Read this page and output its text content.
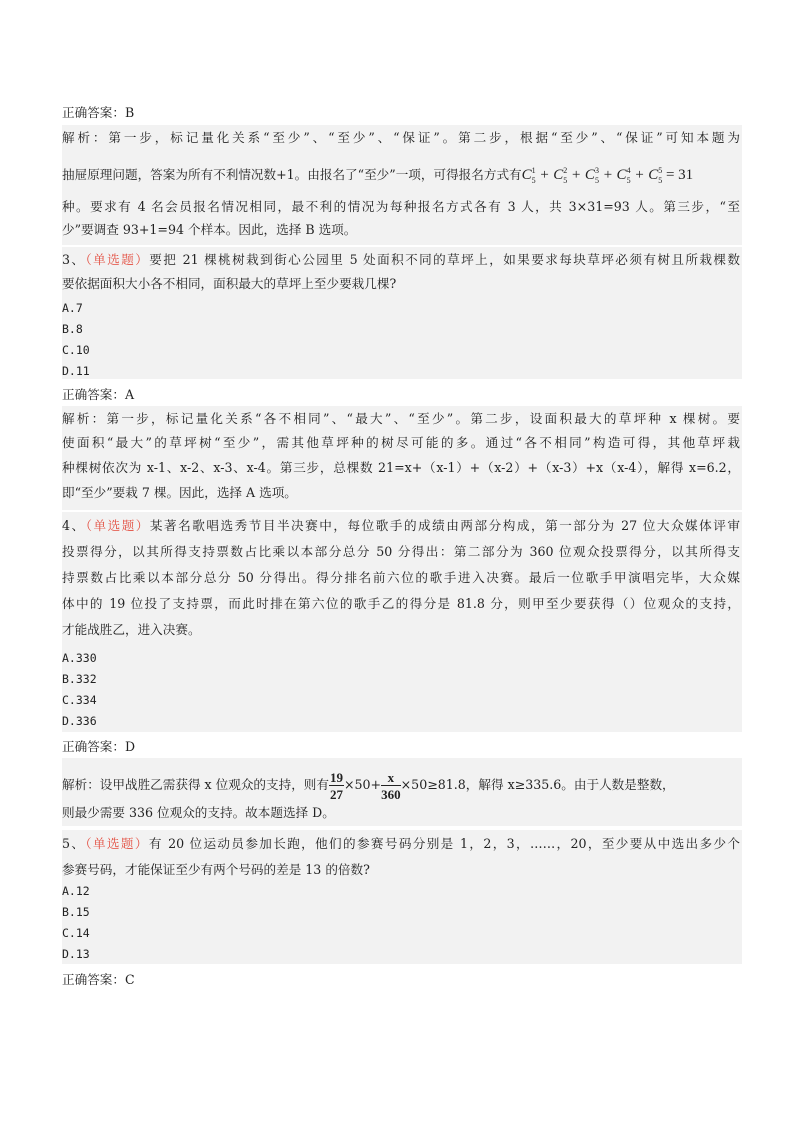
正确答案：B
解析：第一步，标记量化关系“至少”、“至少”、“保证”。第二步，根据“至少”、“保证”可知本题为
抽屉原理问题，答案为所有不利情况数+1。由报名了“至少”一项，可得报名方式有$C^1_5 + C^2_5 + C^3_5 + C^4_5 + C^5_5 = 31$
种。要求有 4 名会员报名情况相同，最不利的情况为每种报名方式各有 3 人，共 3×31=93 人。第三步，“至
少”要调查 93+1=94 个样本。因此，选择 B 选项。
3、（单选题）要把 21 棵桃树栽到街心公园里 5 处面积不同的草坪上，如果要求每块草坪必须有树且所栽棵数
要依据面积大小各不相同，面积最大的草坪上至少要栽几棵?
A.7
B.8
C.10
D.11
正确答案：A
解析：第一步，标记量化关系“各不相同”、“最大”、“至少”。第二步，设面积最大的草坪种 x 棵树。要
使面积“最大”的草坪树“至少”，需其他草坪种的树尽可能的多。通过“各不相同”构造可得，其他草坪栽
种棵树依次为 x-1、x-2、x-3、x-4。第三步，总棵数 21=x+（x-1）+（x-2）+（x-3）+x（x-4），解得 x=6.2，
即“至少”要栽 7 棵。因此，选择 A 选项。
4、（单选题）某著名歌唱选秀节目半决赛中，每位歌手的成绩由两部分构成，第一部分为 27 位大众媒体评审
投票得分，以其所得支持票数占比乘以本部分总分 50 分得出：第二部分为 360 位观众投票得分，以其所得支
持票数占比乘以本部分总分 50 分得出。得分排名前六位的歌手进入决赛。最后一位歌手甲演唱完毕，大众媒
体中的 19 位投了支持票，而此时排在第六位的歌手乙的得分是 81.8 分，则甲至少要获得（）位观众的支持，
才能战胜乙，进入决赛。
A.330
B.332
C.334
D.336
正确答案：D
解析：设甲战胜乙需获得 x 位观众的支持，则有 $\frac{19}{27} \times 50+ \frac{x}{360} \times 50\ge 81.8$，解得 x≥335.6。由于人数是整数，
则最少需要 336 位观众的支持。故本题选择 D。
5、（单选题）有 20 位运动员参加长跑，他们的参赛号码分别是 1，2，3，……，20，至少要从中选出多少个
参赛号码，才能保证至少有两个号码的差是 13 的倍数?
A.12
B.15
C.14
D.13
正确答案：C
